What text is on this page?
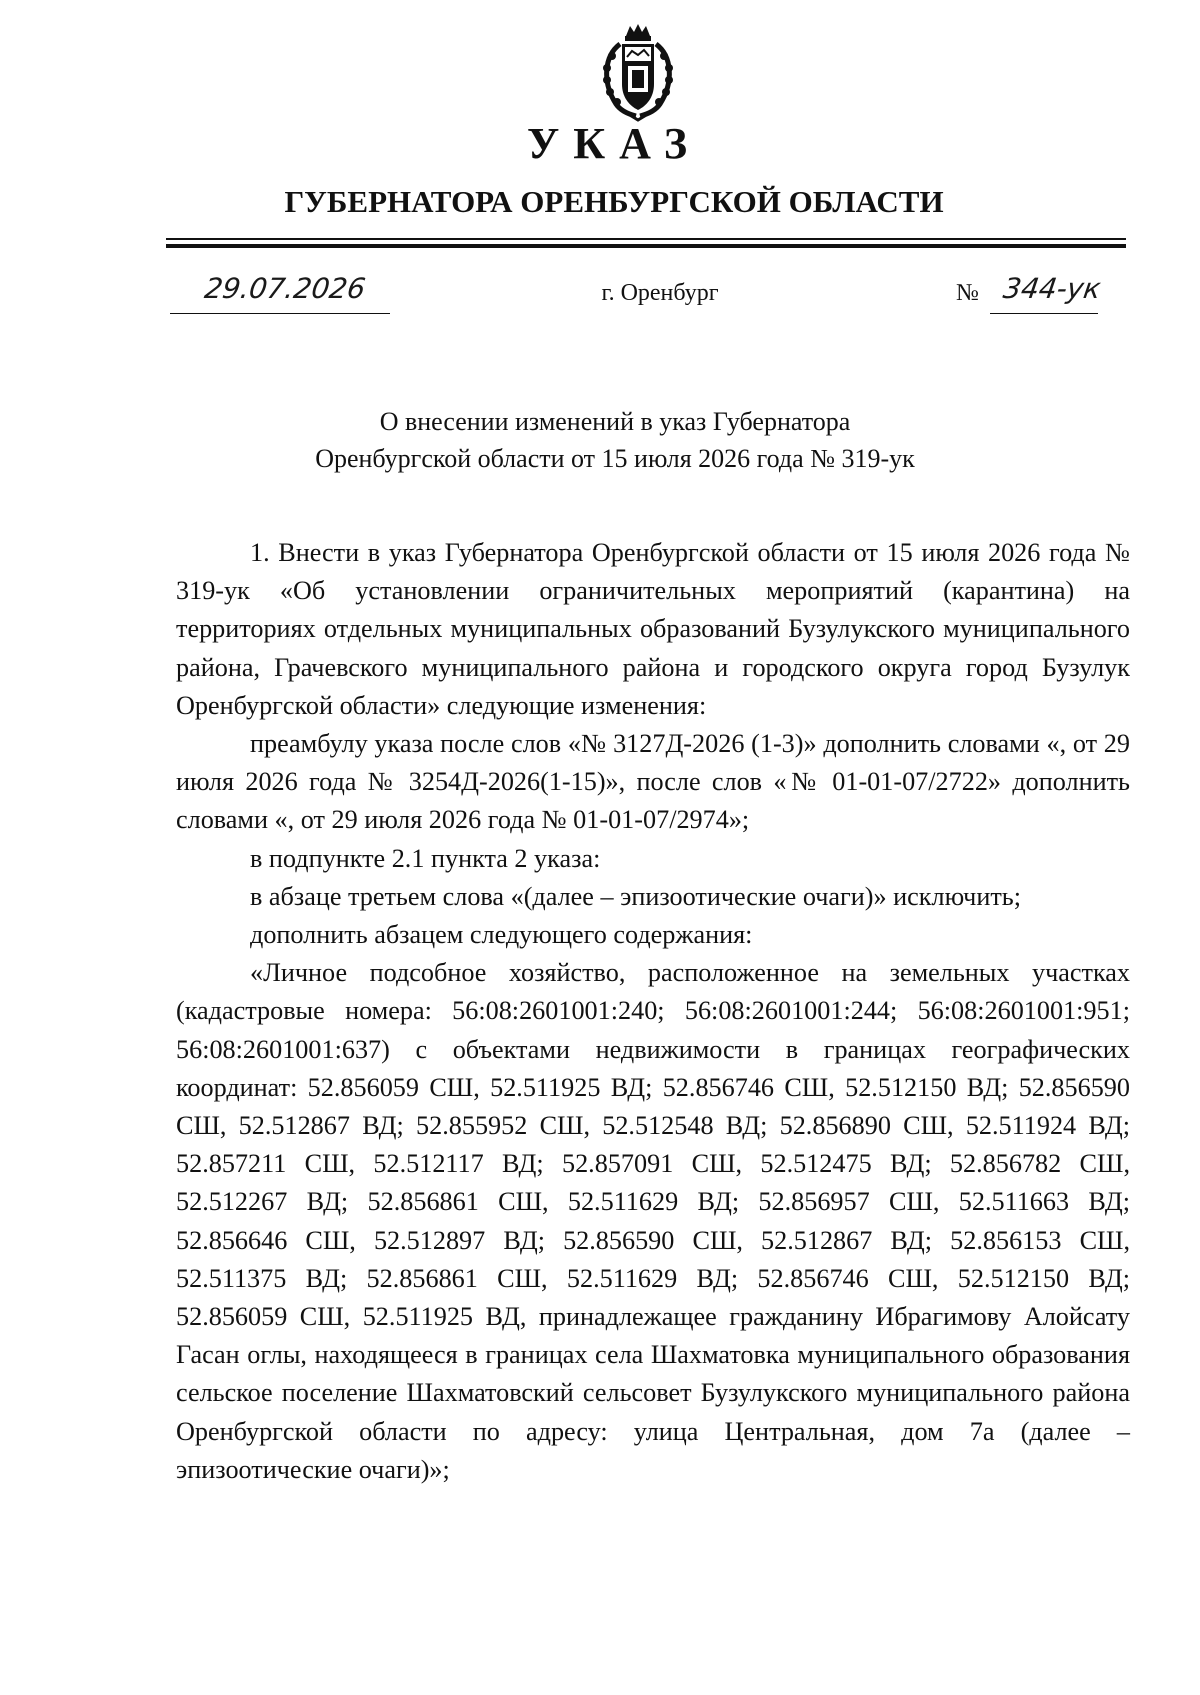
УКАЗ
ГУБЕРНАТОРА ОРЕНБУРГСКОЙ ОБЛАСТИ
29.07.2026	г. Оренбург	№ 344-ук
О внесении изменений в указ Губернатора
Оренбургской области от 15 июля 2026 года № 319-ук

1. Внести в указ Губернатора Оренбургской области от 15 июля 2026 года № 319-ук «Об установлении ограничительных мероприятий (карантина) на территориях отдельных муниципальных образований Бузулукского муниципального района, Грачевского муниципального района и городского округа город Бузулук Оренбургской области» следующие изменения:

преамбулу указа после слов «№ 3127Д-2026 (1-3)» дополнить словами «, от 29 июля 2026 года № 3254Д-2026(1-15)», после слов «№ 01-01-07/2722» дополнить словами «, от 29 июля 2026 года № 01-01-07/2974»;

в подпункте 2.1 пункта 2 указа:

в абзаце третьем слова «(далее – эпизоотические очаги)» исключить;

дополнить абзацем следующего содержания:

«Личное подсобное хозяйство, расположенное на земельных участках (кадастровые номера: 56:08:2601001:240; 56:08:2601001:244; 56:08:2601001:951; 56:08:2601001:637) с объектами недвижимости в границах географических координат: 52.856059 СШ, 52.511925 ВД; 52.856746 СШ, 52.512150 ВД; 52.856590 СШ, 52.512867 ВД; 52.855952 СШ, 52.512548 ВД; 52.856890 СШ, 52.511924 ВД; 52.857211 СШ, 52.512117 ВД; 52.857091 СШ, 52.512475 ВД; 52.856782 СШ, 52.512267 ВД; 52.856861 СШ, 52.511629 ВД; 52.856957 СШ, 52.511663 ВД; 52.856646 СШ, 52.512897 ВД; 52.856590 СШ, 52.512867 ВД; 52.856153 СШ, 52.511375 ВД; 52.856861 СШ, 52.511629 ВД; 52.856746 СШ, 52.512150 ВД; 52.856059 СШ, 52.511925 ВД, принадлежащее гражданину Ибрагимову Алойсату Гасан оглы, находящееся в границах села Шахматовка муниципального образования сельское поселение Шахматовский сельсовет Бузулукского муниципального района Оренбургской области по адресу: улица Центральная, дом 7а (далее – эпизоотические очаги)»;
